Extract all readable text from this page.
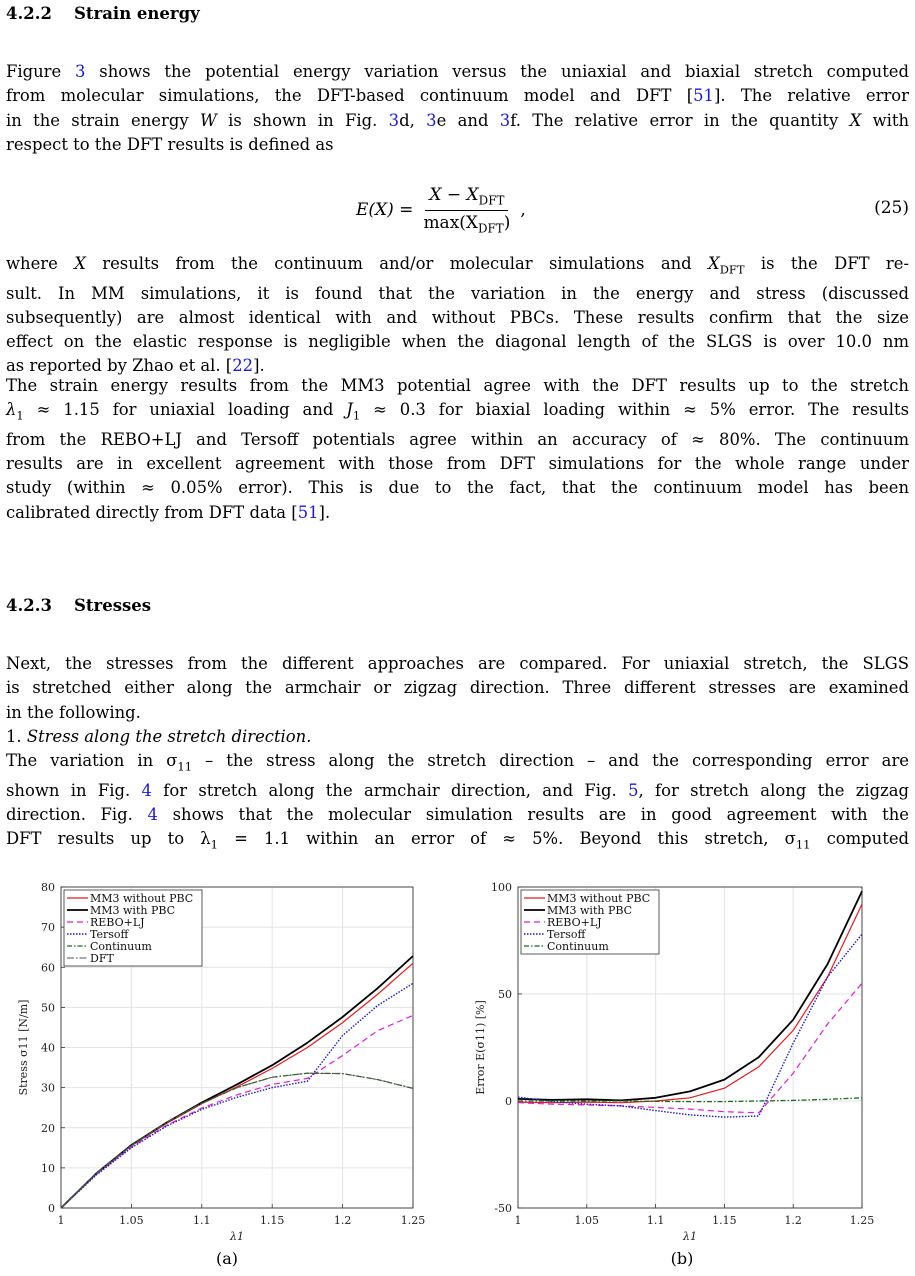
4.2.2 Strain energy
Figure 3 shows the potential energy variation versus the uniaxial and biaxial stretch computed
from molecular simulations, the DFT-based continuum model and DFT [51]. The relative error
in the strain energy W is shown in Fig. 3d, 3e and 3f. The relative error in the quantity X with
respect to the DFT results is defined as
$E(X) = \frac{X - X_{DFT}}{\max(X_{DFT})}$ ,	(25)
where X results from the continuum and/or molecular simulations and $X_{DFT}$ is the DFT re-
sult. In MM simulations, it is found that the variation in the energy and stress (discussed
subsequently) are almost identical with and without PBCs. These results confirm that the size
effect on the elastic response is negligible when the diagonal length of the SLGS is over 10.0 nm
as reported by Zhao et al. [22].
The strain energy results from the MM3 potential agree with the DFT results up to the stretch
$\lambda_1 \approx 1.15$ for uniaxial loading and $J_1 \approx 0.3$ for biaxial loading within ≈ 5% error. The results
from the REBO+LJ and Tersoff potentials agree within an accuracy of ≈ 80%. The continuum
results are in excellent agreement with those from DFT simulations for the whole range under
study (within ≈ 0.05% error). This is due to the fact, that the continuum model has been
calibrated directly from DFT data [51].
4.2.3 Stresses
Next, the stresses from the different approaches are compared. For uniaxial stretch, the SLGS
is stretched either along the armchair or zigzag direction. Three different stresses are examined
in the following.
1. Stress along the stretch direction.
The variation in $\sigma_{11}$ – the stress along the stretch direction – and the corresponding error are
shown in Fig. 4 for stretch along the armchair direction, and Fig. 5, for stretch along the zigzag
direction. Fig. 4 shows that the molecular simulation results are in good agreement with the
DFT results up to $\lambda_1 = 1.1$ within an error of ≈ 5%. Beyond this stretch, $\sigma_{11}$ computed
1	1.05	1.1	1.15	1.2	1.25
0
10
20
30
40
50
60
70
80
MM3 without PBC
MM3 with PBC
REBO+LJ
Tersoff
Continuum
DFT
λ1
Stress σ11 [N/m]
(a)
1	1.05	1.1	1.15	1.2	1.25
-50
0
50
100
MM3 without PBC
MM3 with PBC
REBO+LJ
Tersoff
Continuum
λ1
Error E(σ11) [%]
(b)
